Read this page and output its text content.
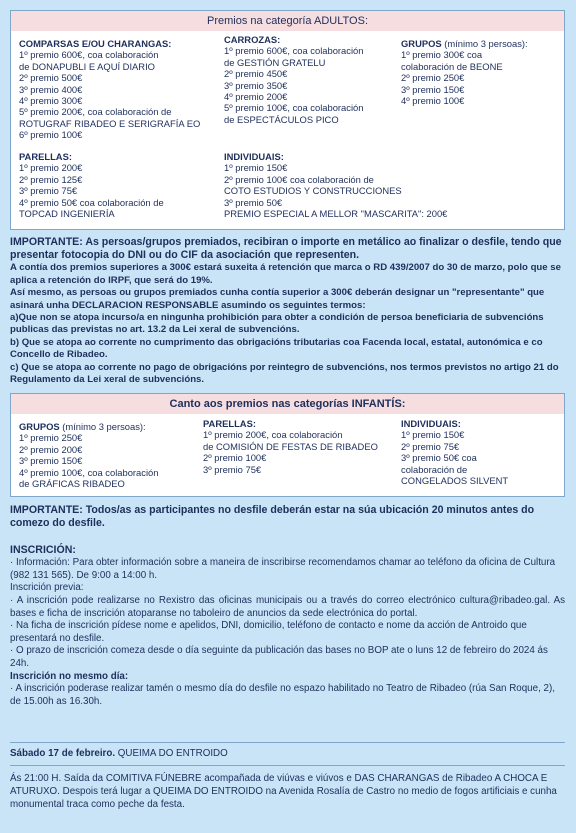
Premios na categoría ADULTOS:
COMPARSAS E/OU CHARANGAS:
1º premio 600€, coa colaboración
de DONAPUBLI E AQUÍ DIARIO
2º premio 500€
3º premio 400€
4º premio 300€
5º premio 200€, coa colaboración de
ROTUGRAF RIBADEO E SERIGRAFÍA EO
6º premio 100€
CARROZAS:
1º premio 600€, coa colaboración
de GESTIÓN GRATELU
2º premio 450€
3º premio 350€
4º premio 200€
5º premio 100€, coa colaboración
de ESPECTÁCULOS PICO
GRUPOS (mínimo 3 persoas):
1º premio 300€ coa
colaboración de BEONE
2º premio 250€
3º premio 150€
4º premio 100€
PARELLAS:
1º premio 200€
2º premio 125€
3º premio 75€
4º premio 50€ coa colaboración de
TOPCAD INGENIERÍA
INDIVIDUAIS:
1º premio 150€
2º premio 100€ coa colaboración de
COTO ESTUDIOS Y CONSTRUCCIONES
3º premio 50€
PREMIO ESPECIAL A MELLOR "MASCARITA": 200€

IMPORTANTE: As persoas/grupos premiados, recibiran o importe en metálico ao finalizar o desfile, tendo que presentar fotocopia do DNI ou do CIF da asociación que representen.

A contía dos premios superiores a 300€ estará suxeita á retención que marca o RD 439/2007 do 30 de marzo, polo que se aplica a retención do IRPF, que será do 19%.

Así mesmo, as persoas ou grupos premiados cunha contía superior a 300€ deberán designar un "representante" que asinará unha DECLARACION RESPONSABLE asumindo os seguintes termos:

a)Que non se atopa incurso/a en ningunha prohibición para obter a condición de persoa beneficiaria de subvencións publicas das previstas no art. 13.2 da Lei xeral de subvencións.

b) Que se atopa ao corrente no cumprimento das obrigacións tributarias coa Facenda local, estatal, autonómica e co Concello de Ribadeo.

c) Que se atopa ao corrente no pago de obrigacións por reintegro de subvencións, nos termos previstos no artigo 21 do Regulamento da Lei xeral de subvencións.

Canto aos premios nas categorías INFANTÍS:
GRUPOS (mínimo 3 persoas):
1º premio 250€
2º premio 200€
3º premio 150€
4º premio 100€, coa colaboración
de GRÁFICAS RIBADEO
PARELLAS:
1º premio 200€, coa colaboración
de COMISIÓN DE FESTAS DE RIBADEO
2º premio 100€
3º premio 75€
INDIVIDUAIS:
1º premio 150€
2º premio 75€
3º premio 50€ coa
colaboración de
CONGELADOS SILVENT

IMPORTANTE: Todos/as as participantes no desfile deberán estar na súa ubicación 20 minutos antes do comezo do desfile.

INSCRICIÓN:

· Información: Para obter información sobre a maneira de inscribirse recomendamos chamar ao teléfono da oficina de Cultura (982 131 565). De 9:00 a 14:00 h.

Inscrición previa:

· A inscrición pode realizarse no Rexistro das oficinas municipais ou a través do correo electrónico cultura@ribadeo.gal. As bases e ficha de inscrición atoparanse no taboleiro de anuncios da sede electrónica do portal.

· Na ficha de inscrición pídese nome e apelidos, DNI, domicilio, teléfono de contacto e nome da acción de Antroido que presentará no desfile.

· O prazo de inscrición comeza desde o día seguinte da publicación das bases no BOP ate o luns 12 de febreiro do 2024 ás 24h.

Inscrición no mesmo día:

· A inscrición poderase realizar tamén o mesmo día do desfile no espazo habilitado no Teatro de Ribadeo (rúa San Roque, 2), de 15.00h as 16.30h.

Sábado 17 de febreiro. QUEIMA DO ENTROIDO

Ás 21:00 H. Saída da COMITIVA FÚNEBRE acompañada de viúvas e viúvos e DAS CHARANGAS de Ribadeo A CHOCA E ATURUXO. Despois terá lugar a QUEIMA DO ENTROIDO na Avenida Rosalía de Castro no medio de fogos artificiais e cunha monumental traca como peche da festa.
